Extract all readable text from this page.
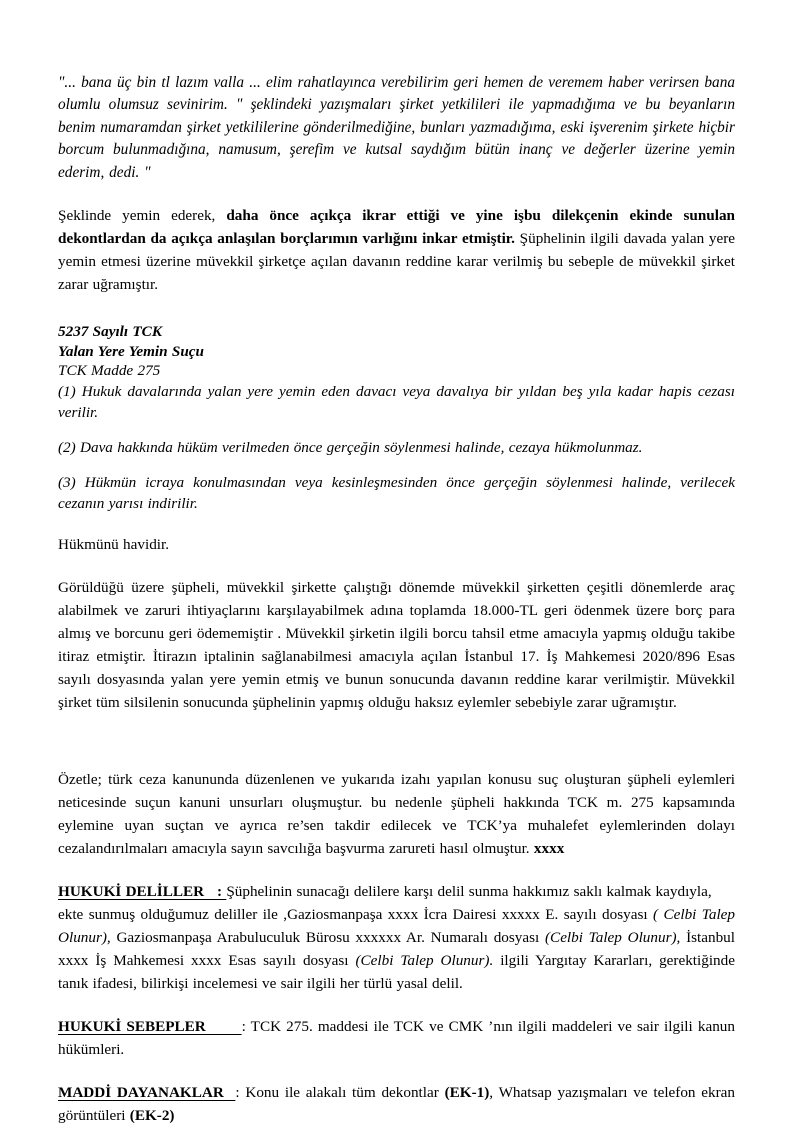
"... bana üç bin tl lazım valla ... elim rahatlayınca verebilirim geri hemen de veremem haber verirsen bana olumlu olumsuz sevinirim. " şeklindeki yazışmaları şirket yetkilileri ile yapmadığıma ve bu beyanların benim numaramdan şirket yetkililerine gönderilmediğine, bunları yazmadığıma, eski işverenim şirkete hiçbir borcum bulunmadığına, namusum, şerefim ve kutsal saydığım bütün inanç ve değerler üzerine yemin ederim, dedi. "

Şeklinde yemin ederek, daha önce açıkça ikrar ettiği ve yine işbu dilekçenin ekinde sunulan dekontlardan da açıkça anlaşılan borçlarımın varlığını inkar etmiştir. Şüphelinin ilgili davada yalan yere yemin etmesi üzerine müvekkil şirketçe açılan davanın reddine karar verilmiş bu sebeple de müvekkil şirket zarar uğramıştır.

5237 Sayılı TCK

Yalan Yere Yemin Suçu

TCK Madde 275

(1) Hukuk davalarında yalan yere yemin eden davacı veya davalıya bir yıldan beş yıla kadar hapis cezası verilir.

(2) Dava hakkında hüküm verilmeden önce gerçeğin söylenmesi halinde, cezaya hükmolunmaz.

(3) Hükmün icraya konulmasından veya kesinleşmesinden önce gerçeğin söylenmesi halinde, verilecek cezanın yarısı indirilir.

Hükmünü havidir.

Görüldüğü üzere şüpheli, müvekkil şirkette çalıştığı dönemde müvekkil şirketten çeşitli dönemlerde araç alabilmek ve zaruri ihtiyaçlarını karşılayabilmek adına toplamda 18.000-TL geri ödenmek üzere borç para almış ve borcunu geri ödememiştir . Müvekkil şirketin ilgili borcu tahsil etme amacıyla yapmış olduğu takibe itiraz etmiştir. İtirazın iptalinin sağlanabilmesi amacıyla açılan İstanbul 17. İş Mahkemesi 2020/896 Esas sayılı dosyasında yalan yere yemin etmiş ve bunun sonucunda davanın reddine karar verilmiştir. Müvekkil şirket tüm silsilenin sonucunda şüphelinin yapmış olduğu haksız eylemler sebebiyle zarar uğramıştır.

Özetle; türk ceza kanununda düzenlenen ve yukarıda izahı yapılan konusu suç oluşturan şüpheli eylemleri neticesinde suçun kanuni unsurları oluşmuştur. bu nedenle şüpheli hakkında TCK m. 275 kapsamında eylemine uyan suçtan ve ayrıca re’sen takdir edilecek ve TCK’ya muhalefet eylemlerinden dolayı cezalandırılmaları amacıyla sayın savcılığa başvurma zarureti hasıl olmuştur. xxxx

HUKUKİ DELİLLER   : Şüphelinin sunacağı delilere karşı delil sunma hakkımız saklı kalmak kaydıyla,

ekte sunmuş olduğumuz deliller ile ,Gaziosmanpaşa xxxx İcra Dairesi xxxxx E. sayılı dosyası ( Celbi Talep Olunur), Gaziosmanpaşa Arabuluculuk Bürosu xxxxxx Ar. Numaralı dosyası (Celbi Talep Olunur), İstanbul xxxx İş Mahkemesi xxxx Esas sayılı dosyası (Celbi Talep Olunur). ilgili Yargıtay Kararları, gerektiğinde tanık ifadesi, bilirkişi incelemesi ve sair ilgili her türlü yasal delil.

HUKUKİ SEBEPLER       : TCK 275. maddesi ile TCK ve CMK ’nın ilgili maddeleri ve sair ilgili kanun hükümleri.

MADDİ DAYANAKLAR  : Konu ile alakalı tüm dekontlar (EK-1), Whatsap yazışmaları ve telefon ekran görüntüleri (EK-2)
